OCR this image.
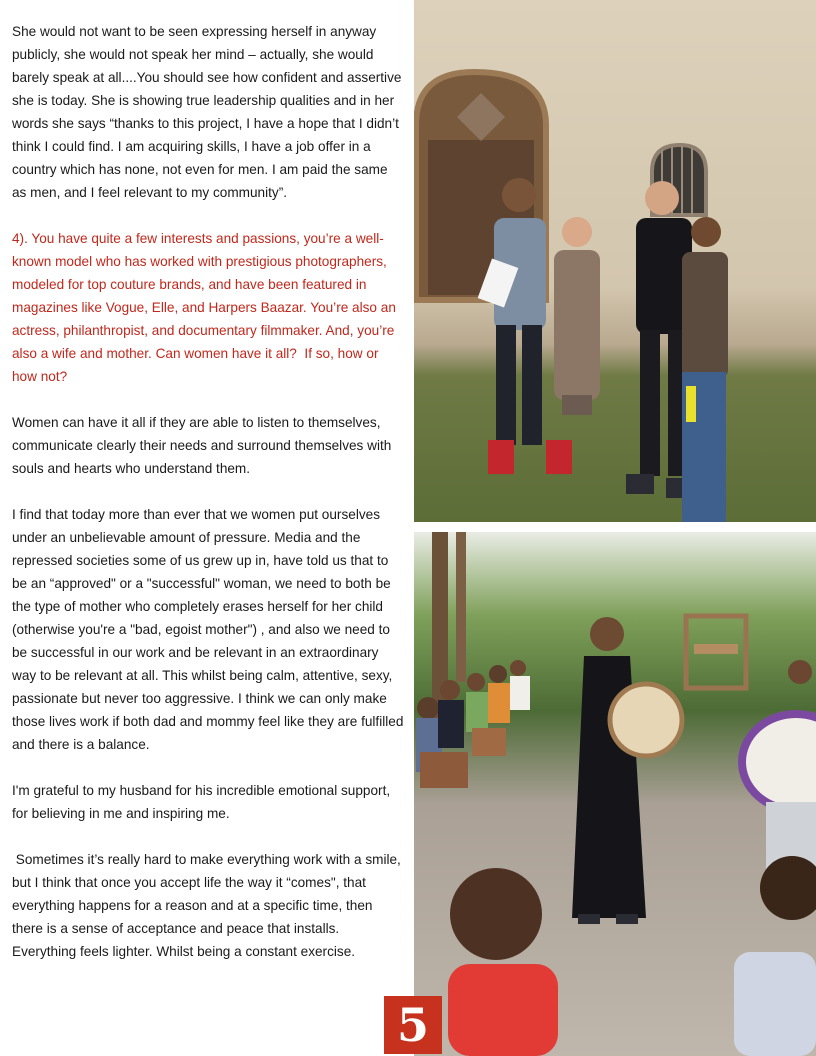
She would not want to be seen expressing herself in anyway publicly, she would not speak her mind – actually, she would barely speak at all....You should see how confident and assertive she is today. She is showing true leadership qualities and in her words she says “thanks to this project, I have a hope that I didn’t think I could find. I am acquiring skills, I have a job offer in a country which has none, not even for men. I am paid the same as men, and I feel relevant to my community”.

4). You have quite a few interests and passions, you’re a well-known model who has worked with prestigious photographers, modeled for top couture brands, and have been featured in magazines like Vogue, Elle, and Harpers Baazar. You’re also an actress, philanthropist, and documentary filmmaker. And, you’re also a wife and mother. Can women have it all?  If so, how or how not?

Women can have it all if they are able to listen to themselves, communicate clearly their needs and surround themselves with souls and hearts who understand them.

I find that today more than ever that we women put ourselves under an unbelievable amount of pressure. Media and the repressed societies some of us grew up in, have told us that to be an “approved" or a "successful" woman, we need to both be the type of mother who completely erases herself for her child (otherwise you're a "bad, egoist mother") , and also we need to be successful in our work and be relevant in an extraordinary way to be relevant at all. This whilst being calm, attentive, sexy, passionate but never too aggressive. I think we can only make those lives work if both dad and mommy feel like they are fulfilled and there is a balance.

I'm grateful to my husband for his incredible emotional support, for believing in me and inspiring me.

Sometimes it’s really hard to make everything work with a smile, but I think that once you accept life the way it “comes", that everything happens for a reason and at a specific time, then there is a sense of acceptance and peace that installs. Everything feels lighter. Whilst being a constant exercise.

5
